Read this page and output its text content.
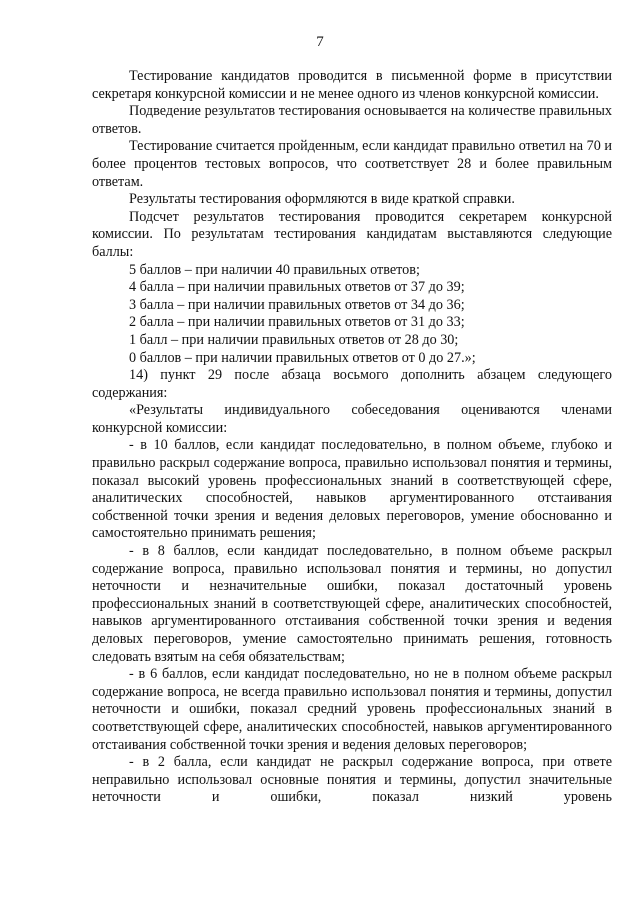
7

Тестирование кандидатов проводится в письменной форме в присутствии секретаря конкурсной комиссии и не менее одного из членов конкурсной комиссии.

Подведение результатов тестирования основывается на количестве правильных ответов.

Тестирование считается пройденным, если кандидат правильно ответил на 70 и более процентов тестовых вопросов, что соответствует 28 и более правильным ответам.

Результаты тестирования оформляются в виде краткой справки.

Подсчет результатов тестирования проводится секретарем конкурсной комиссии. По результатам тестирования кандидатам выставляются следующие баллы:

5 баллов – при наличии 40 правильных ответов;

4 балла – при наличии правильных ответов от 37 до 39;

3 балла – при наличии правильных ответов от 34 до 36;

2 балла – при наличии правильных ответов от 31 до 33;

1 балл – при наличии правильных ответов от 28 до 30;

0 баллов – при наличии правильных ответов от 0 до 27.»;

14) пункт 29 после абзаца восьмого дополнить абзацем следующего содержания:

«Результаты индивидуального собеседования оцениваются членами конкурсной комиссии:

- в 10 баллов, если кандидат последовательно, в полном объеме, глубоко и правильно раскрыл содержание вопроса, правильно использовал понятия и термины, показал высокий уровень профессиональных знаний в соответствующей сфере, аналитических способностей, навыков аргументированного отстаивания собственной точки зрения и ведения деловых переговоров, умение обоснованно и самостоятельно принимать решения;

- в 8 баллов, если кандидат последовательно, в полном объеме раскрыл содержание вопроса, правильно использовал понятия и термины, но допустил неточности и незначительные ошибки, показал достаточный уровень профессиональных знаний в соответствующей сфере, аналитических способностей, навыков аргументированного отстаивания собственной точки зрения и ведения деловых переговоров, умение самостоятельно принимать решения, готовность следовать взятым на себя обязательствам;

- в 6 баллов, если кандидат последовательно, но не в полном объеме раскрыл содержание вопроса, не всегда правильно использовал понятия и термины, допустил неточности и ошибки, показал средний уровень профессиональных знаний в соответствующей сфере, аналитических способностей, навыков аргументированного отстаивания собственной точки зрения и ведения деловых переговоров;

- в 2 балла, если кандидат не раскрыл содержание вопроса, при ответе неправильно использовал основные понятия и термины, допустил значительные неточности и ошибки, показал низкий уровень
